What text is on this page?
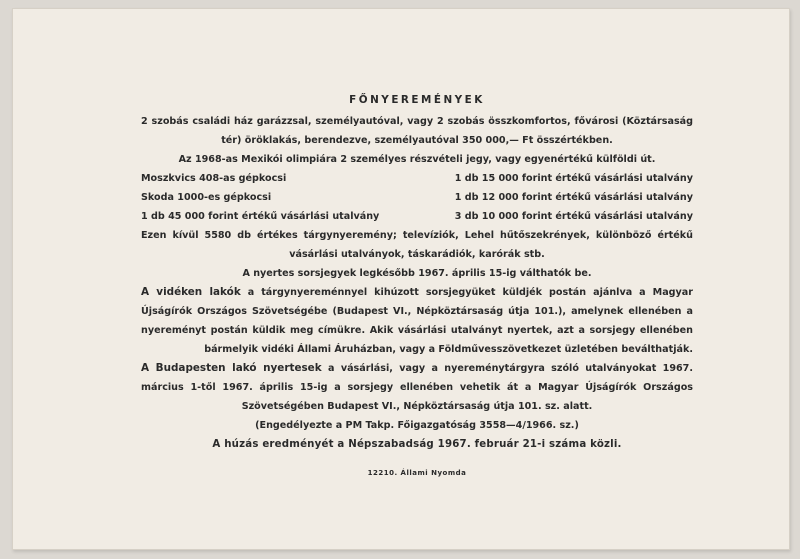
FŐNYEREMÉNYEK
2 szobás családi ház garázzsal, személyautóval, vagy 2 szobás összkomfortos, fővárosi (Köztársaság tér) öröklakás, berendezve, személyautóval 350 000,— Ft összértékben.
Az 1968-as Mexikói olimpiára 2 személyes részvételi jegy, vagy egyenértékű külföldi út.
Moszkvics 408-as gépkocsi	1 db 15 000 forint értékű vásárlási utalvány
Skoda 1000-es gépkocsi	1 db 12 000 forint értékű vásárlási utalvány
1 db 45 000 forint értékű vásárlási utalvány	3 db 10 000 forint értékű vásárlási utalvány
Ezen kívül 5580 db értékes tárgynyeremény; televíziók, Lehel hűtőszekrények, különböző értékű vásárlási utalványok, táskarádiók, karórák stb.
A nyertes sorsjegyek legkésőbb 1967. április 15-ig válthatók be.
A vidéken lakók a tárgynyereménnyel kihúzott sorsjegyüket küldjék postán ajánlva a Magyar Újságírók Országos Szövetségébe (Budapest VI., Népköztársaság útja 101.), amelynek ellenében a nyereményt postán küldik meg címükre. Akik vásárlási utalványt nyertek, azt a sorsjegy ellenében bármelyik vidéki Állami Áruházban, vagy a Földművesszövetkezet üzletében beválthatják.
A Budapesten lakó nyertesek a vásárlási, vagy a nyereménytárgyra szóló utalványokat 1967. március 1-től 1967. április 15-ig a sorsjegy ellenében vehetik át a Magyar Újságírók Országos Szövetségében Budapest VI., Népköztársaság útja 101. sz. alatt.
(Engedélyezte a PM Takp. Főigazgatóság 3558—4/1966. sz.)
A húzás eredményét a Népszabadság 1967. február 21-i száma közli.
12210. Állami Nyomda
